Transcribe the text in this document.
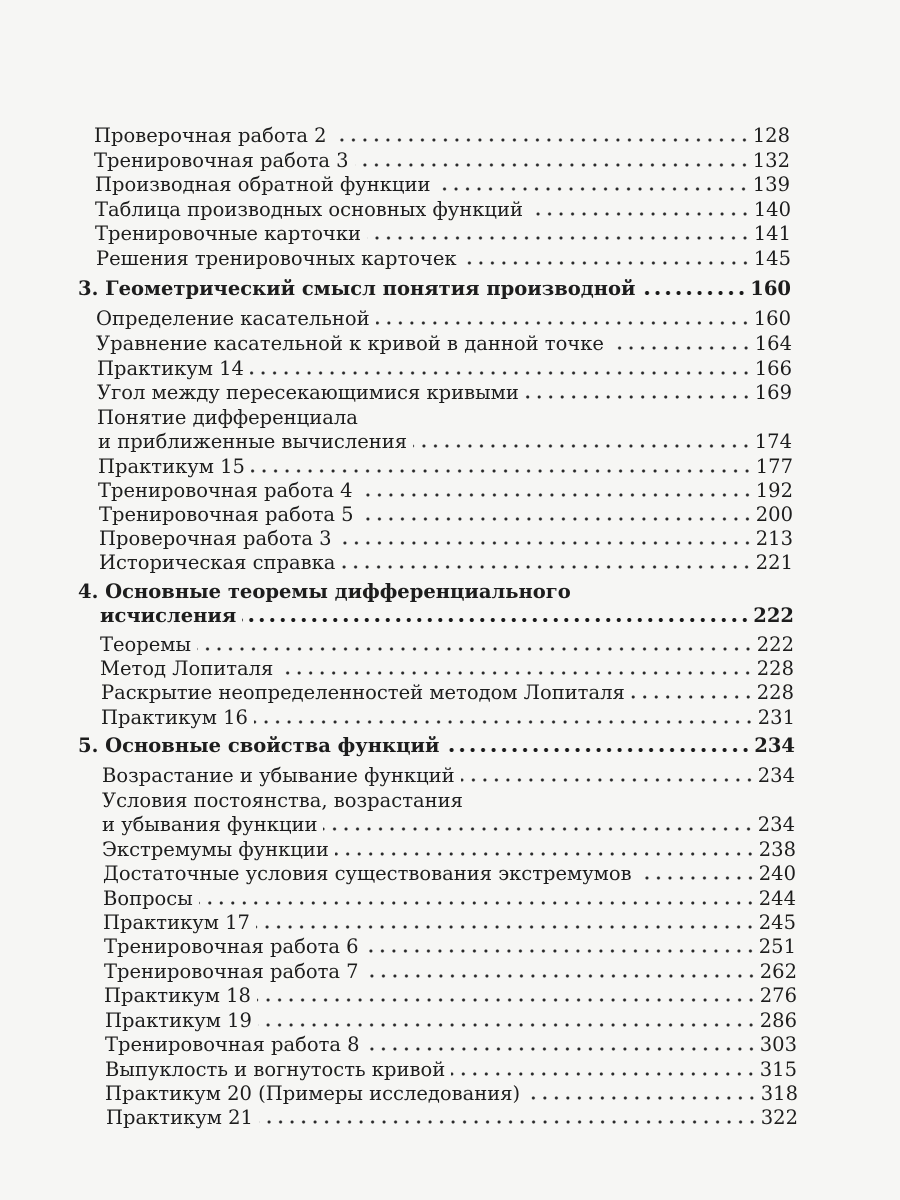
Проверочная работа 2	128
Тренировочная работа 3	132
Производная обратной функции	139
Таблица производных основных функций	140
Тренировочные карточки	141
Решения тренировочных карточек	145
3. Геометрический смысл понятия производной	160
Определение касательной	160
Уравнение касательной к кривой в данной точке	164
Практикум 14	166
Угол между пересекающимися кривыми	169
Понятие дифференциала
и приближенные вычисления	174
Практикум 15	177
Тренировочная работа 4	192
Тренировочная работа 5	200
Проверочная работа 3	213
Историческая справка	221
4. Основные теоремы дифференциального
исчисления	222
Теоремы	222
Метод Лопиталя	228
Раскрытие неопределенностей методом Лопиталя	228
Практикум 16	231
5. Основные свойства функций	234
Возрастание и убывание функций	234
Условия постоянства, возрастания
и убывания функции	234
Экстремумы функции	238
Достаточные условия существования экстремумов	240
Вопросы	244
Практикум 17	245
Тренировочная работа 6	251
Тренировочная работа 7	262
Практикум 18	276
Практикум 19	286
Тренировочная работа 8	303
Выпуклость и вогнутость кривой	315
Практикум 20 (Примеры исследования)	318
Практикум 21	322
